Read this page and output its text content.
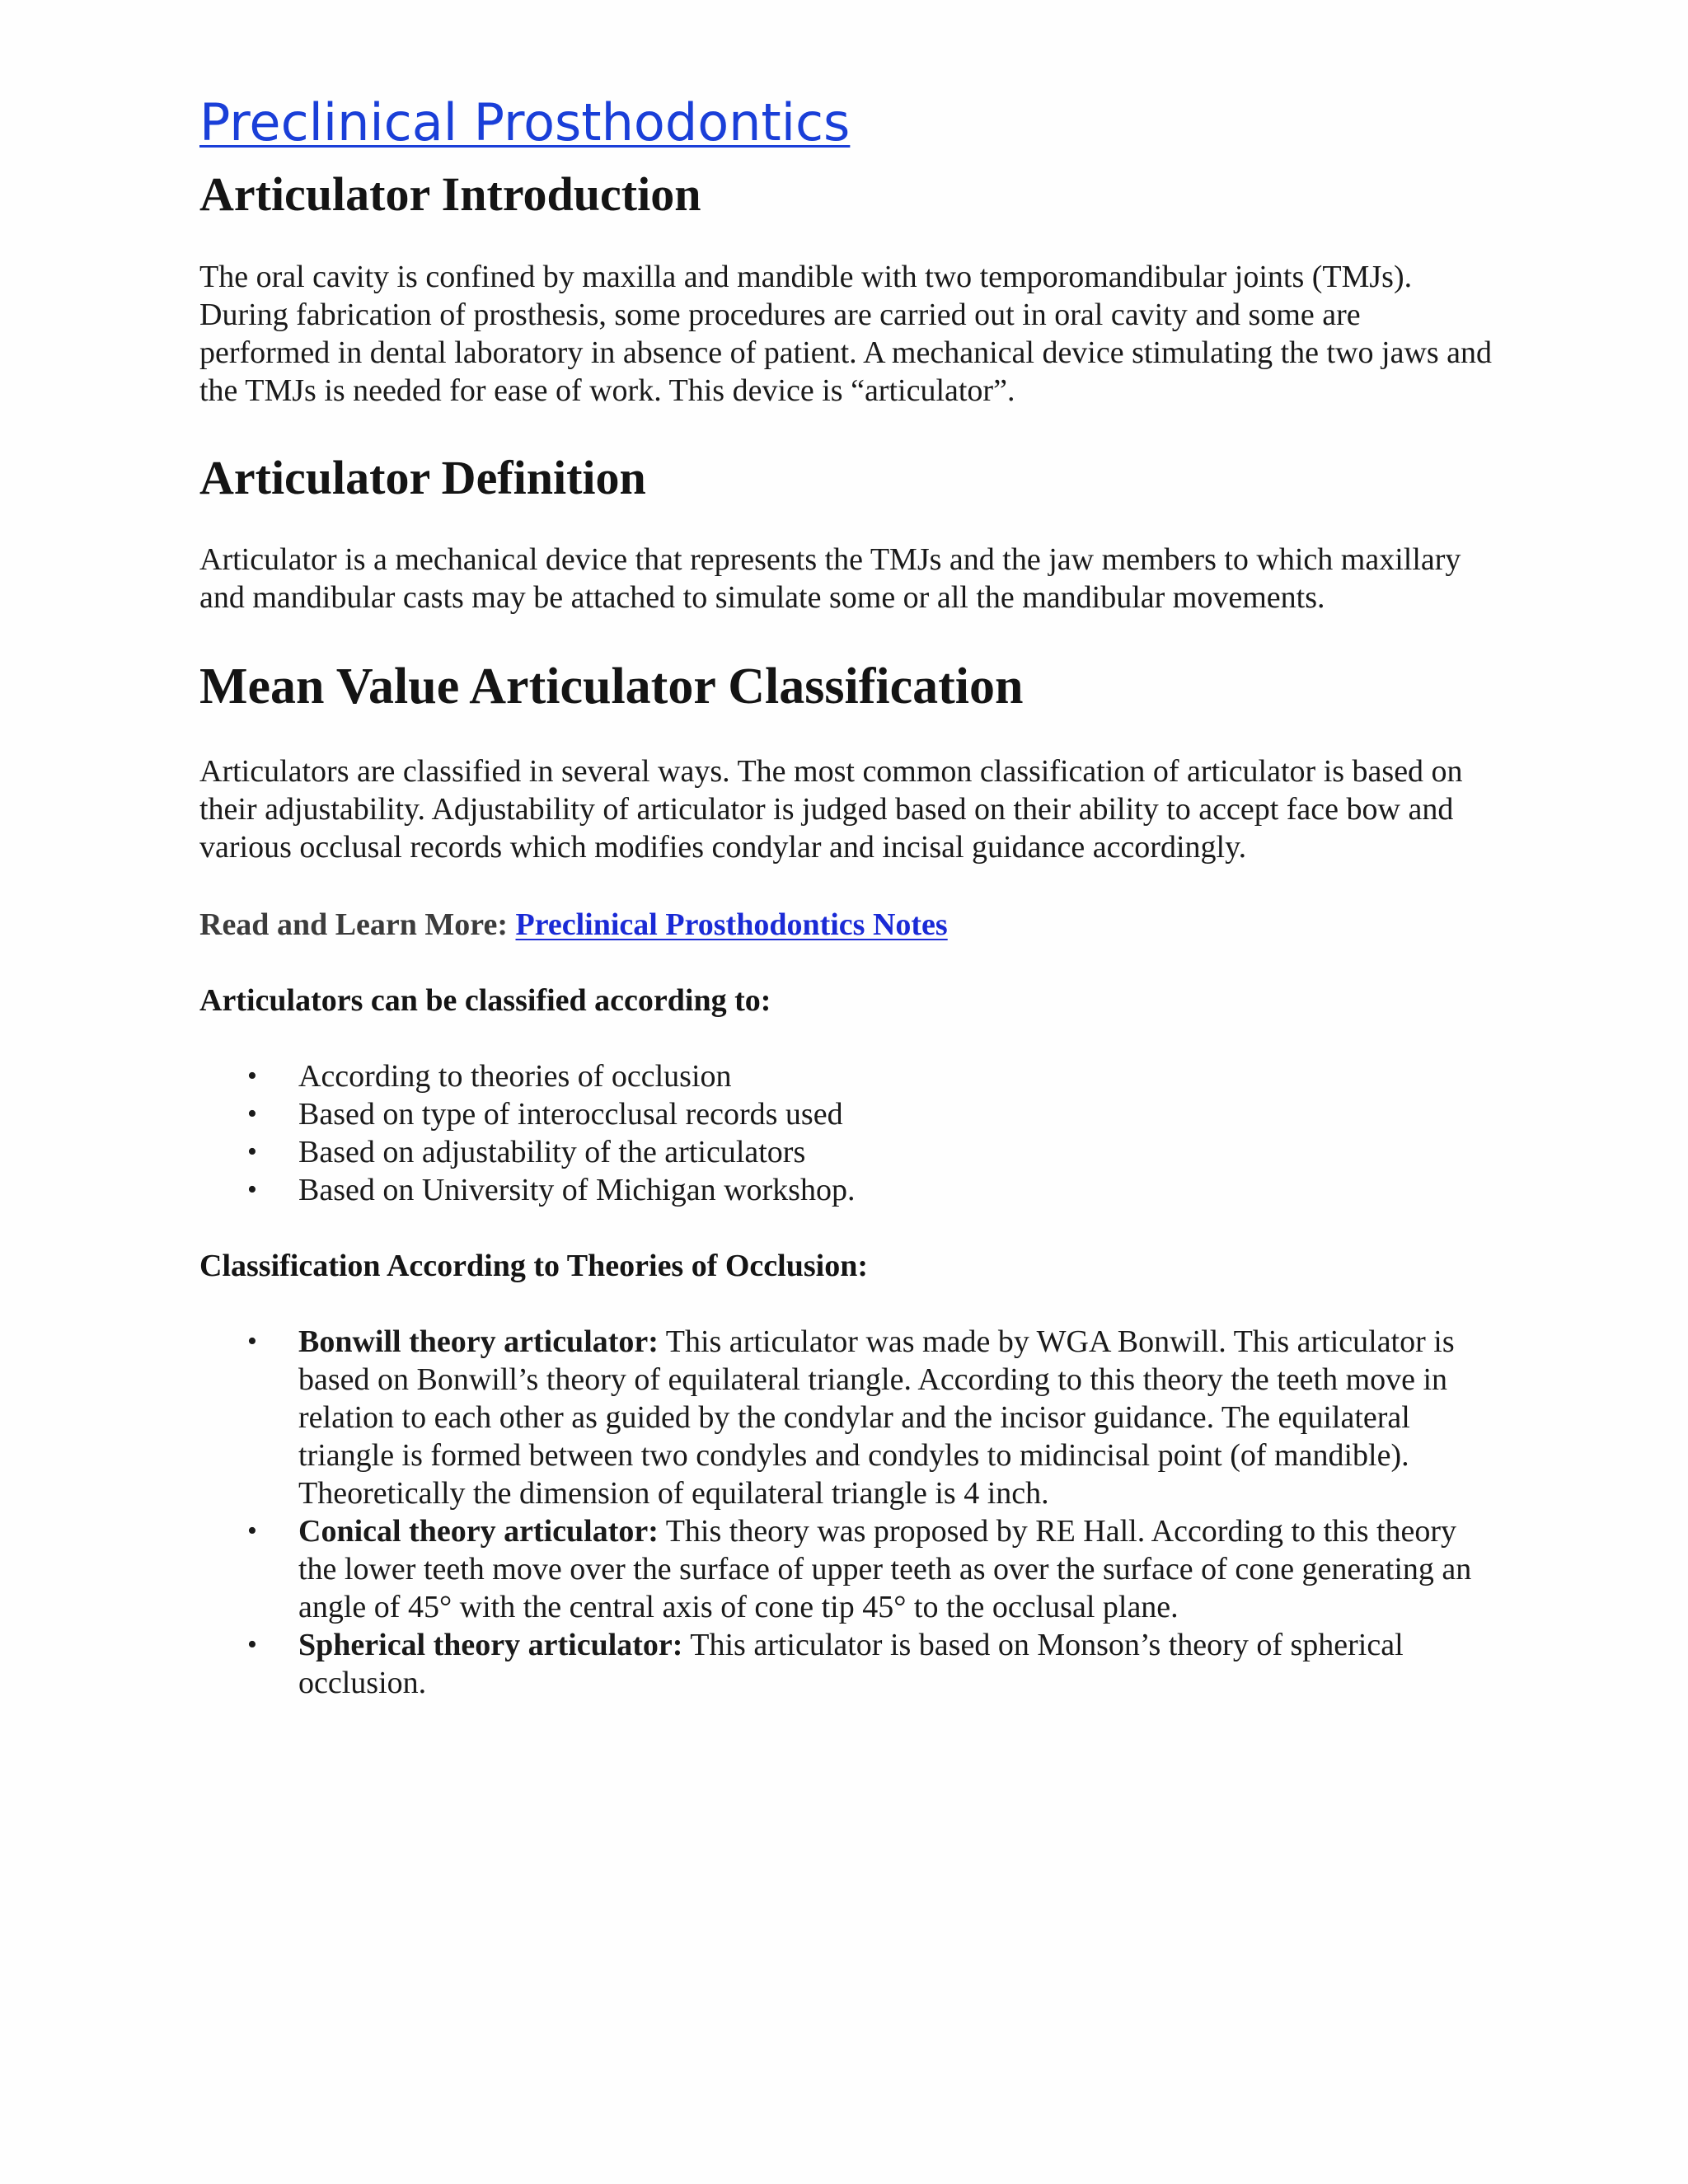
Preclinical Prosthodontics
Articulator Introduction

The oral cavity is confined by maxilla and mandible with two temporomandibular joints (TMJs). During fabrication of prosthesis, some procedures are carried out in oral cavity and some are performed in dental laboratory in absence of patient. A mechanical device stimulating the two jaws and the TMJs is needed for ease of work. This device is “articulator”.

Articulator Definition

Articulator is a mechanical device that represents the TMJs and the jaw members to which maxillary and mandibular casts may be attached to simulate some or all the mandibular movements.

Mean Value Articulator Classification

Articulators are classified in several ways. The most common classification of articulator is based on their adjustability. Adjustability of articulator is judged based on their ability to accept face bow and various occlusal records which modifies condylar and incisal guidance accordingly.

Read and Learn More: Preclinical Prosthodontics Notes
Articulators can be classified according to:
• According to theories of occlusion
• Based on type of interocclusal records used
• Based on adjustability of the articulators
• Based on University of Michigan workshop.
Classification According to Theories of Occlusion:
• Bonwill theory articulator: This articulator was made by WGA Bonwill. This articulator is based on Bonwill’s theory of equilateral triangle. According to this theory the teeth move in relation to each other as guided by the condylar and the incisor guidance. The equilateral triangle is formed between two condyles and condyles to midincisal point (of mandible). Theoretically the dimension of equilateral triangle is 4 inch.
• Conical theory articulator: This theory was proposed by RE Hall. According to this theory the lower teeth move over the surface of upper teeth as over the surface of cone generating an angle of 45° with the central axis of cone tip 45° to the occlusal plane.
• Spherical theory articulator: This articulator is based on Monson’s theory of spherical occlusion.
